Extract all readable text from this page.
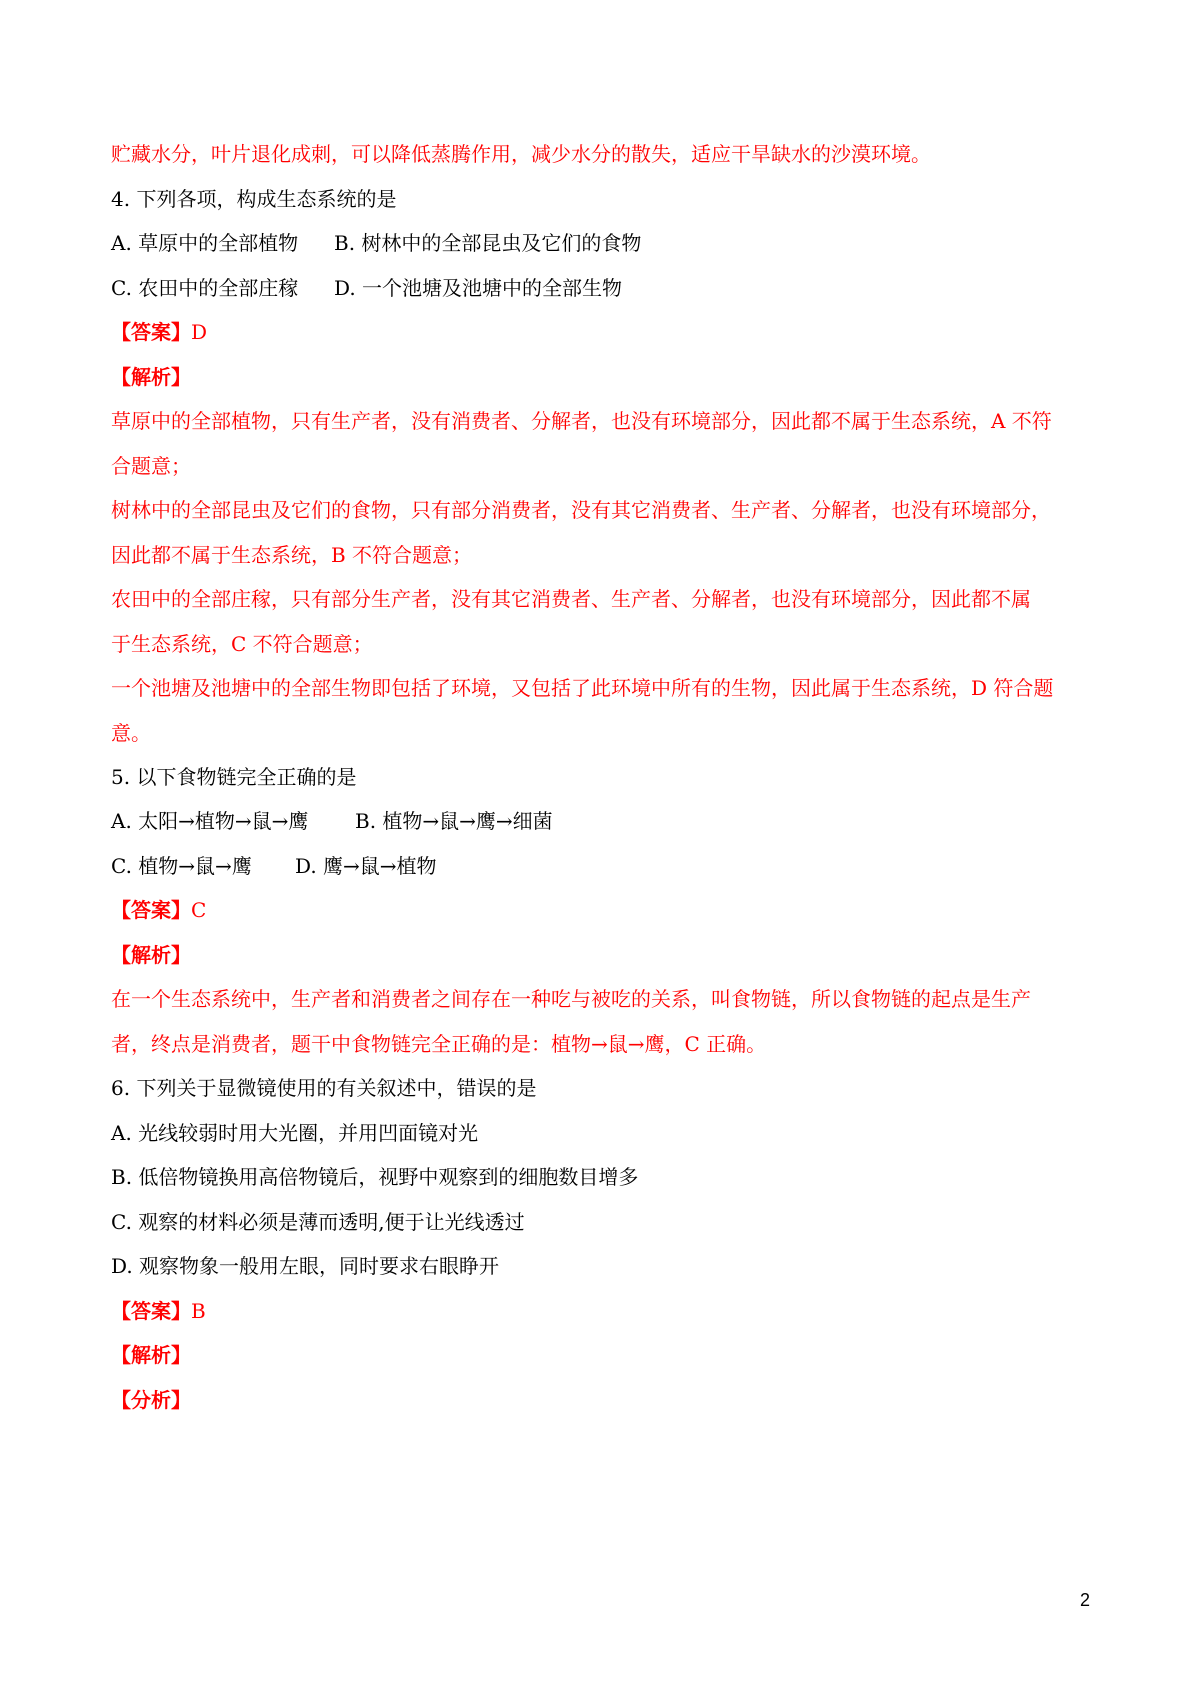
贮藏水分，叶片退化成刺，可以降低蒸腾作用，减少水分的散失，适应干旱缺水的沙漠环境。
4. 下列各项，构成生态系统的是
A. 草原中的全部植物 B. 树林中的全部昆虫及它们的食物
C. 农田中的全部庄稼 D. 一个池塘及池塘中的全部生物
【答案】D
【解析】
草原中的全部植物，只有生产者，没有消费者、分解者，也没有环境部分，因此都不属于生态系统，A 不符
合题意；
树林中的全部昆虫及它们的食物，只有部分消费者，没有其它消费者、生产者、分解者，也没有环境部分，
因此都不属于生态系统，B 不符合题意；
农田中的全部庄稼，只有部分生产者，没有其它消费者、生产者、分解者，也没有环境部分，因此都不属
于生态系统，C 不符合题意；
一个池塘及池塘中的全部生物即包括了环境，又包括了此环境中所有的生物，因此属于生态系统，D 符合题
意。
5. 以下食物链完全正确的是
A. 太阳→植物→鼠→鹰 B. 植物→鼠→鹰→细菌
C. 植物→鼠→鹰 D. 鹰→鼠→植物
【答案】C
【解析】
在一个生态系统中，生产者和消费者之间存在一种吃与被吃的关系，叫食物链，所以食物链的起点是生产
者，终点是消费者，题干中食物链完全正确的是：植物→鼠→鹰，C 正确。
6. 下列关于显微镜使用的有关叙述中，错误的是
A. 光线较弱时用大光圈，并用凹面镜对光
B. 低倍物镜换用高倍物镜后，视野中观察到的细胞数目增多
C. 观察的材料必须是薄而透明,便于让光线透过
D. 观察物象一般用左眼，同时要求右眼睁开
【答案】B
【解析】
【分析】
2
